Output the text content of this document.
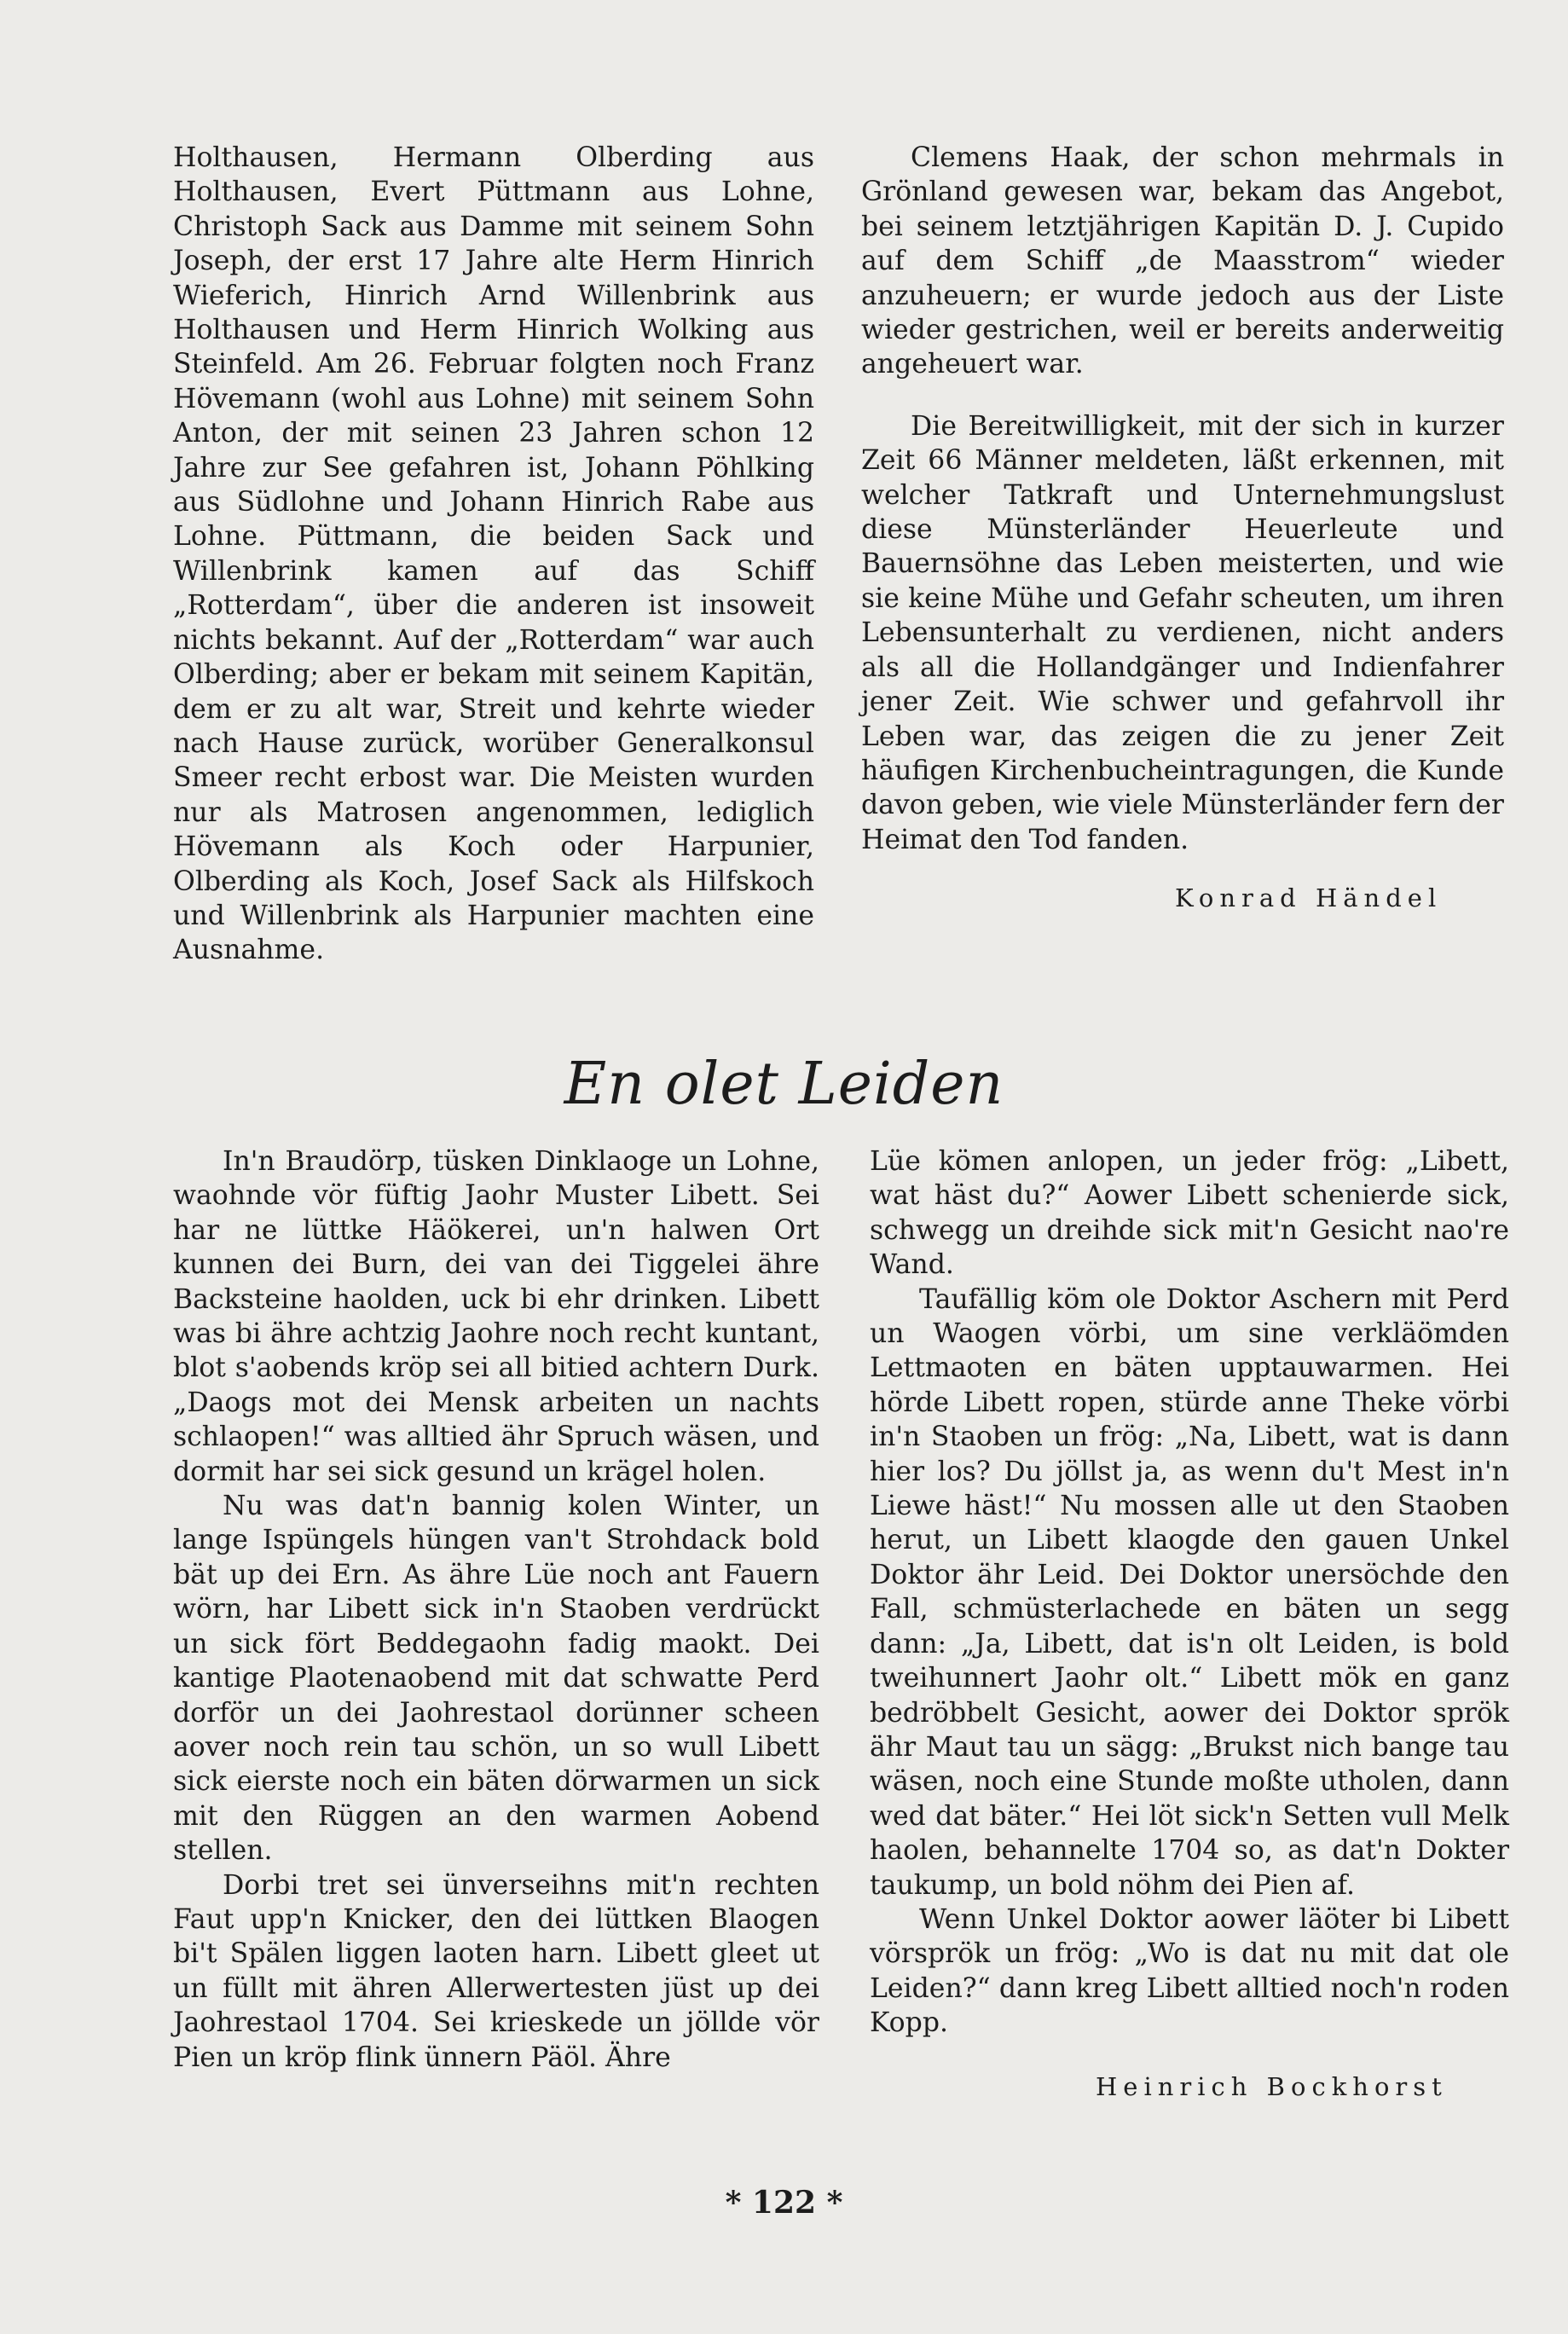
Holthausen, Hermann Olberding aus Holthausen, Evert Püttmann aus Lohne, Christoph Sack aus Damme mit seinem Sohn Joseph, der erst 17 Jahre alte Herm Hinrich Wieferich, Hinrich Arnd Willenbrink aus Holthausen und Herm Hinrich Wolking aus Steinfeld. Am 26. Februar folgten noch Franz Hövemann (wohl aus Lohne) mit seinem Sohn Anton, der mit seinen 23 Jahren schon 12 Jahre zur See gefahren ist, Johann Pöhlking aus Südlohne und Johann Hinrich Rabe aus Lohne. Püttmann, die beiden Sack und Willenbrink kamen auf das Schiff „Rotterdam“, über die anderen ist insoweit nichts bekannt. Auf der „Rotterdam“ war auch Olberding; aber er bekam mit seinem Kapitän, dem er zu alt war, Streit und kehrte wieder nach Hause zurück, worüber Generalkonsul Smeer recht erbost war. Die Meisten wurden nur als Matrosen angenommen, lediglich Hövemann als Koch oder Harpunier, Olberding als Koch, Josef Sack als Hilfskoch und Willenbrink als Harpunier machten eine Ausnahme.

Clemens Haak, der schon mehrmals in Grönland gewesen war, bekam das Angebot, bei seinem letztjährigen Kapitän D. J. Cupido auf dem Schiff „de Maasstrom“ wieder anzuheuern; er wurde jedoch aus der Liste wieder gestrichen, weil er bereits anderweitig angeheuert war.

Die Bereitwilligkeit, mit der sich in kurzer Zeit 66 Männer meldeten, läßt erkennen, mit welcher Tatkraft und Unternehmungslust diese Münsterländer Heuerleute und Bauernsöhne das Leben meisterten, und wie sie keine Mühe und Gefahr scheuten, um ihren Lebensunterhalt zu verdienen, nicht anders als all die Hollandgänger und Indienfahrer jener Zeit. Wie schwer und gefahrvoll ihr Leben war, das zeigen die zu jener Zeit häufigen Kirchenbucheintragungen, die Kunde davon geben, wie viele Münsterländer fern der Heimat den Tod fanden.

Konrad Händel
En olet Leiden

In'n Braudörp, tüsken Dinklaoge un Lohne, waohnde vör füftig Jaohr Muster Libett. Sei har ne lüttke Häökerei, un'n halwen Ort kunnen dei Burn, dei van dei Tiggelei ähre Backsteine haolden, uck bi ehr drinken. Libett was bi ähre achtzig Jaohre noch recht kuntant, blot s'aobends kröp sei all bitied achtern Durk. „Daogs mot dei Mensk arbeiten un nachts schlaopen!“ was alltied ähr Spruch wäsen, und dormit har sei sick gesund un krägel holen.

Nu was dat'n bannig kolen Winter, un lange Ispüngels hüngen van't Strohdack bold bät up dei Ern. As ähre Lüe noch ant Fauern wörn, har Libett sick in'n Staoben verdrückt un sick fört Beddegaohn fadig maokt. Dei kantige Plaotenaobend mit dat schwatte Perd dorför un dei Jaohrestaol dorünner scheen aover noch rein tau schön, un so wull Libett sick eierste noch ein bäten dörwarmen un sick mit den Rüggen an den warmen Aobend stellen.

Dorbi tret sei ünverseihns mit'n rechten Faut upp'n Knicker, den dei lüttken Blaogen bi't Spälen liggen laoten harn. Libett gleet ut un füllt mit ähren Allerwertesten jüst up dei Jaohrestaol 1704. Sei krieskede un jöllde vör Pien un kröp flink ünnern Päöl. Ähre

Lüe kömen anlopen, un jeder frög: „Libett, wat häst du?“ Aower Libett schenierde sick, schwegg un dreihde sick mit'n Gesicht nao're Wand.

Taufällig köm ole Doktor Aschern mit Perd un Waogen vörbi, um sine verkläömden Lettmaoten en bäten upptauwarmen. Hei hörde Libett ropen, stürde anne Theke vörbi in'n Staoben un frög: „Na, Libett, wat is dann hier los? Du jöllst ja, as wenn du't Mest in'n Liewe häst!“ Nu mossen alle ut den Staoben herut, un Libett klaogde den gauen Unkel Doktor ähr Leid. Dei Doktor unersöchde den Fall, schmüsterlachede en bäten un segg dann: „Ja, Libett, dat is'n olt Leiden, is bold tweihunnert Jaohr olt.“ Libett mök en ganz bedröbbelt Gesicht, aower dei Doktor sprök ähr Maut tau un sägg: „Brukst nich bange tau wäsen, noch eine Stunde moßte utholen, dann wed dat bäter.“ Hei löt sick'n Setten vull Melk haolen, behannelte 1704 so, as dat'n Dokter taukump, un bold nöhm dei Pien af.

Wenn Unkel Doktor aower läöter bi Libett vörsprök un frög: „Wo is dat nu mit dat ole Leiden?“ dann kreg Libett alltied noch'n roden Kopp.

Heinrich Bockhorst
* 122 *
